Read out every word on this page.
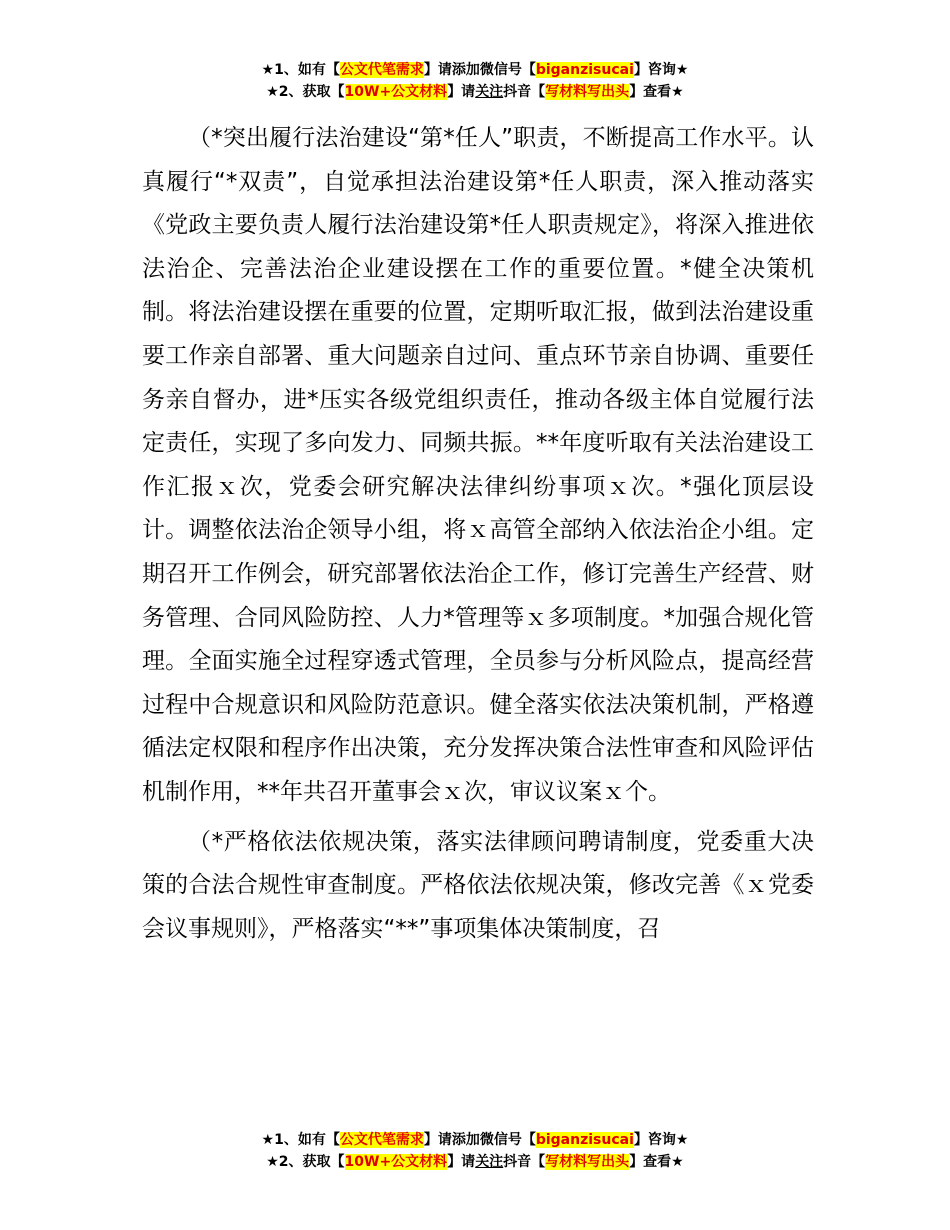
★1、如有【公文代笔需求】请添加微信号【biganzisucai】咨询★
★2、获取【10W+公文材料】请关注抖音【写材料写出头】查看★

（*突出履行法治建设“第*任人”职责，不断提高工作水平。认真履行“*双责”，自觉承担法治建设第*任人职责，深入推动落实《党政主要负责人履行法治建设第*任人职责规定》，将深入推进依法治企、完善法治企业建设摆在工作的重要位置。*健全决策机制。将法治建设摆在重要的位置，定期听取汇报，做到法治建设重要工作亲自部署、重大问题亲自过问、重点环节亲自协调、重要任务亲自督办，进*压实各级党组织责任，推动各级主体自觉履行法定责任，实现了多向发力、同频共振。**年度听取有关法治建设工作汇报ｘ次，党委会研究解决法律纠纷事项ｘ次。*强化顶层设计。调整依法治企领导小组，将ｘ高管全部纳入依法治企小组。定期召开工作例会，研究部署依法治企工作，修订完善生产经营、财务管理、合同风险防控、人力*管理等ｘ多项制度。*加强合规化管理。全面实施全过程穿透式管理，全员参与分析风险点，提高经营过程中合规意识和风险防范意识。健全落实依法决策机制，严格遵循法定权限和程序作出决策，充分发挥决策合法性审查和风险评估机制作用，**年共召开董事会ｘ次，审议议案ｘ个。

（*严格依法依规决策，落实法律顾问聘请制度，党委重大决策的合法合规性审查制度。严格依法依规决策，修改完善《ｘ党委会议事规则》，严格落实“**”事项集体决策制度，召

★1、如有【公文代笔需求】请添加微信号【biganzisucai】咨询★
★2、获取【10W+公文材料】请关注抖音【写材料写出头】查看★
